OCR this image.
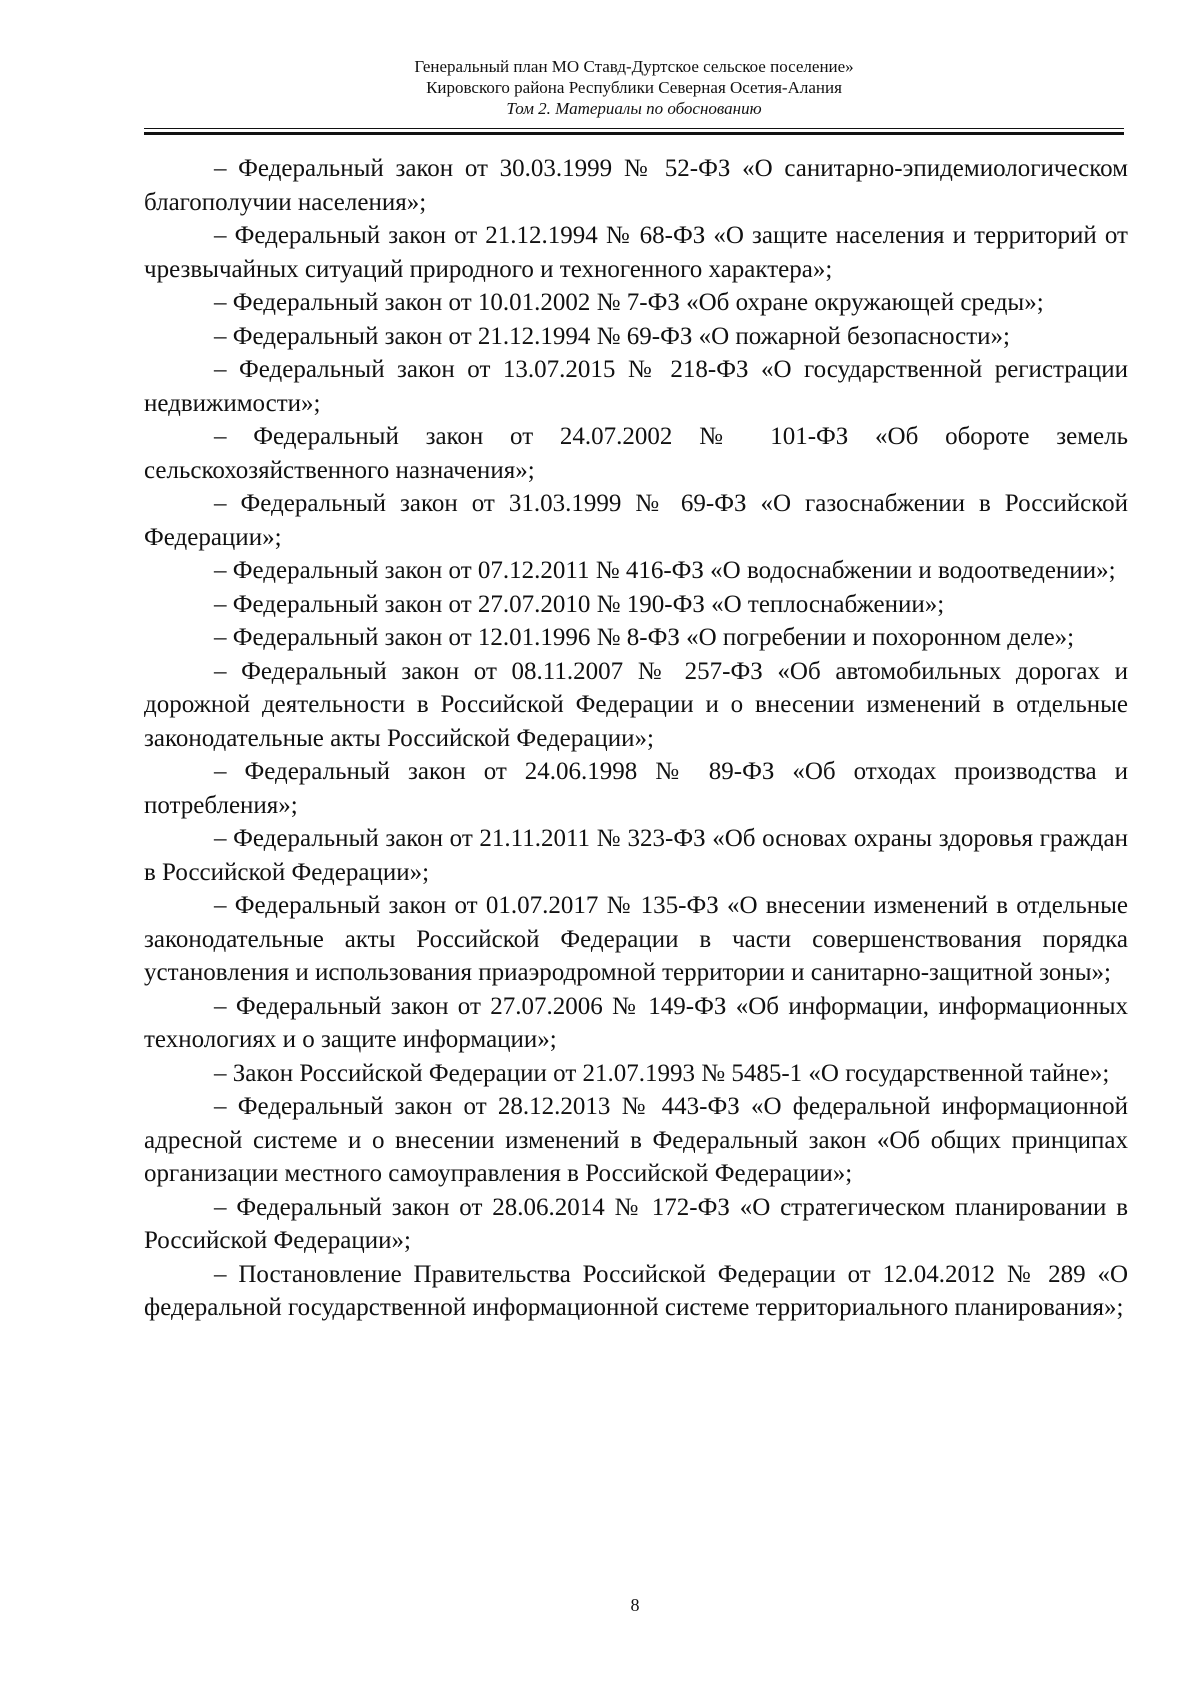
Генеральный план МО Ставд-Дуртское сельское поселение»
Кировского района Республики Северная Осетия-Алания
Том 2. Материалы по обоснованию

– Федеральный закон от 30.03.1999 № 52-ФЗ «О санитарно-эпидемиологическом благополучии населения»;

– Федеральный закон от 21.12.1994 № 68-ФЗ «О защите населения и территорий от чрезвычайных ситуаций природного и техногенного характера»;

– Федеральный закон от 10.01.2002 № 7-ФЗ «Об охране окружающей среды»;

– Федеральный закон от 21.12.1994 № 69-ФЗ «О пожарной безопасности»;

– Федеральный закон от 13.07.2015 № 218-ФЗ «О государственной регистрации недвижимости»;

– Федеральный закон от 24.07.2002 № 101-ФЗ «Об обороте земель сельскохозяйственного назначения»;

– Федеральный закон от 31.03.1999 № 69-ФЗ «О газоснабжении в Российской Федерации»;

– Федеральный закон от 07.12.2011 № 416-ФЗ «О водоснабжении и водоотведении»;

– Федеральный закон от 27.07.2010 № 190-ФЗ «О теплоснабжении»;

– Федеральный закон от 12.01.1996 № 8-ФЗ «О погребении и похоронном деле»;

– Федеральный закон от 08.11.2007 № 257-ФЗ «Об автомобильных дорогах и дорожной деятельности в Российской Федерации и о внесении изменений в отдельные законодательные акты Российской Федерации»;

– Федеральный закон от 24.06.1998 № 89-ФЗ «Об отходах производства и потребления»;

– Федеральный закон от 21.11.2011 № 323-ФЗ «Об основах охраны здоровья граждан в Российской Федерации»;

– Федеральный закон от 01.07.2017 № 135-ФЗ «О внесении изменений в отдельные законодательные акты Российской Федерации в части совершенствования порядка установления и использования приаэродромной территории и санитарно-защитной зоны»;

– Федеральный закон от 27.07.2006 № 149-ФЗ «Об информации, информационных технологиях и о защите информации»;

– Закон Российской Федерации от 21.07.1993 № 5485-1 «О государственной тайне»;

– Федеральный закон от 28.12.2013 № 443-ФЗ «О федеральной информационной адресной системе и о внесении изменений в Федеральный закон «Об общих принципах организации местного самоуправления в Российской Федерации»;

– Федеральный закон от 28.06.2014 № 172-ФЗ «О стратегическом планировании в Российской Федерации»;

– Постановление Правительства Российской Федерации от 12.04.2012 № 289 «О федеральной государственной информационной системе территориального планирования»;

8
